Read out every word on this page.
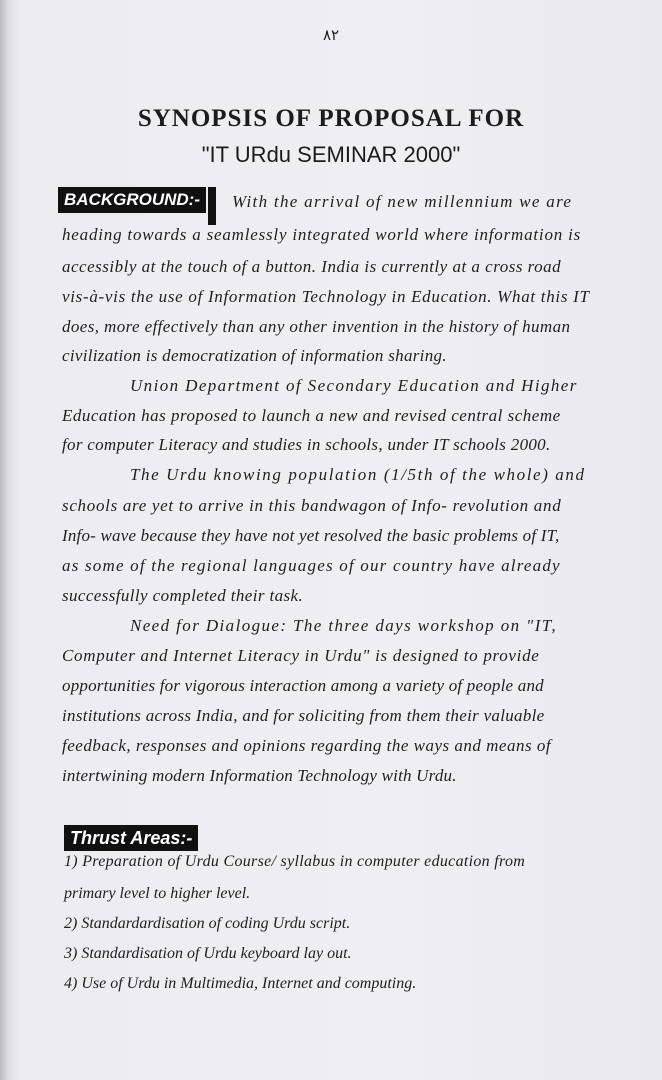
٨۲
SYNOPSIS OF PROPOSAL FOR
"IT URdu SEMINAR 2000"
BACKGROUND:-	With the arrival of new millennium we are
heading towards a seamlessly integrated world where information is
accessibly at the touch of a button. India is currently at a cross road
vis-à-vis the use of Information Technology in Education. What this IT
does, more effectively than any other invention in the history of human
civilization is democratization of information sharing.
Union Department of Secondary Education and Higher
Education has proposed to launch a new and revised central scheme
for computer Literacy and studies in schools, under IT schools 2000.
The Urdu knowing population (1/5th of the whole) and
schools are yet to arrive in this bandwagon of Info- revolution and
Info- wave because they have not yet resolved the basic problems of IT,
as some of the regional languages of our country have already
successfully completed their task.
Need for Dialogue: The three days workshop on "IT,
Computer and Internet Literacy in Urdu" is designed to provide
opportunities for vigorous interaction among a variety of people and
institutions across India, and for soliciting from them their valuable
feedback, responses and opinions regarding the ways and means of
intertwining modern Information Technology with Urdu.
Thrust Areas:-
1) Preparation of Urdu Course/ syllabus in computer education from
primary level to higher level.
2) Standardardisation of coding Urdu script.
3) Standardisation of Urdu keyboard lay out.
4) Use of Urdu in Multimedia, Internet and computing.
